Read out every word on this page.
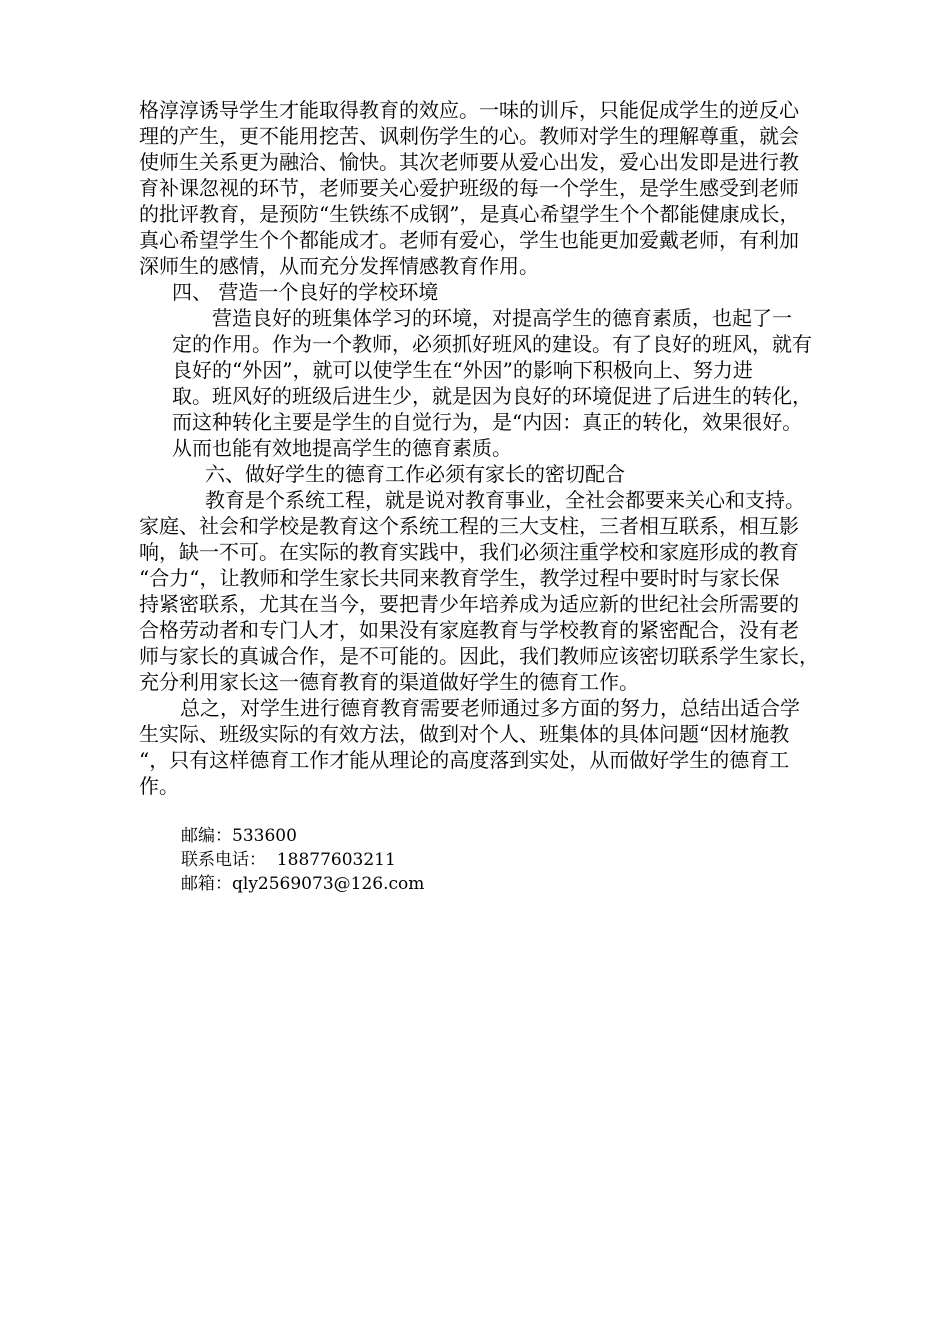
格淳淳诱导学生才能取得教育的效应。一味的训斥，只能促成学生的逆反心
理的产生，更不能用挖苦、讽刺伤学生的心。教师对学生的理解尊重，就会
使师生关系更为融洽、愉快。其次老师要从爱心出发，爱心出发即是进行教
育补课忽视的环节，老师要关心爱护班级的每一个学生，是学生感受到老师
的批评教育，是预防“生铁练不成钢”，是真心希望学生个个都能健康成长，
真心希望学生个个都能成才。老师有爱心，学生也能更加爱戴老师，有利加
深师生的感情，从而充分发挥情感教育作用。
四、 营造一个良好的学校环境
营造良好的班集体学习的环境，对提高学生的德育素质，也起了一
定的作用。作为一个教师，必须抓好班风的建设。有了良好的班风，就有
良好的“外因”，就可以使学生在“外因”的影响下积极向上、努力进
取。班风好的班级后进生少，就是因为良好的环境促进了后进生的转化，
而这种转化主要是学生的自觉行为，是“内因：真正的转化，效果很好。
从而也能有效地提高学生的德育素质。
六、做好学生的德育工作必须有家长的密切配合
教育是个系统工程，就是说对教育事业，全社会都要来关心和支持。
家庭、社会和学校是教育这个系统工程的三大支柱，三者相互联系，相互影
响，缺一不可。在实际的教育实践中，我们必须注重学校和家庭形成的教育
“合力“，让教师和学生家长共同来教育学生，教学过程中要时时与家长保
持紧密联系，尤其在当今，要把青少年培养成为适应新的世纪社会所需要的
合格劳动者和专门人才，如果没有家庭教育与学校教育的紧密配合，没有老
师与家长的真诚合作，是不可能的。因此，我们教师应该密切联系学生家长，
充分利用家长这一德育教育的渠道做好学生的德育工作。
总之，对学生进行德育教育需要老师通过多方面的努力，总结出适合学
生实际、班级实际的有效方法，做到对个人、班集体的具体问题“因材施教
“，只有这样德育工作才能从理论的高度落到实处，从而做好学生的德育工
作。
邮编：533600
联系电话：  18877603211
邮箱：qly2569073@126.com
